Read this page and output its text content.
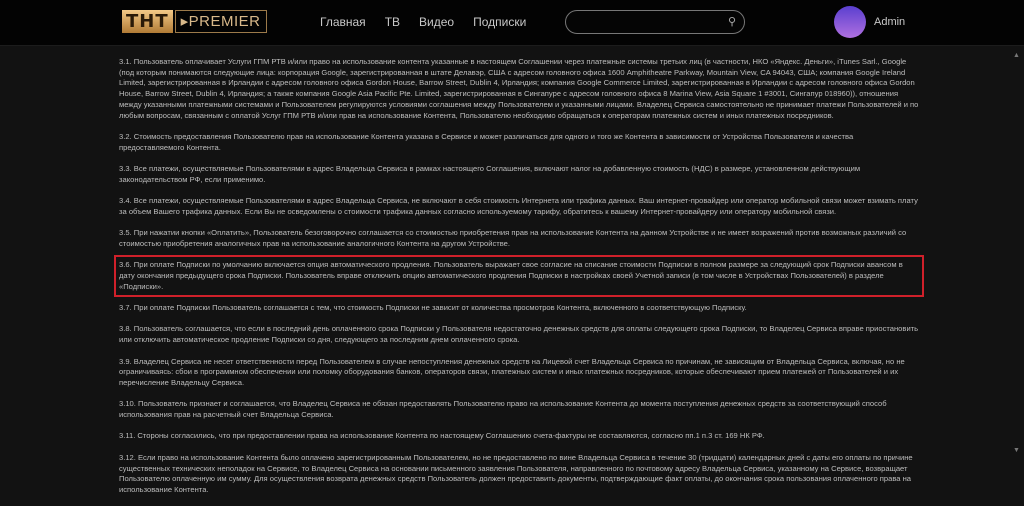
ТНТ ▸PREMIER	Главная ТВ Видео Подписки	⚲	Admin

3.1. Пользователь оплачивает Услуги ГПМ РТВ и/или право на использование контента указанные в настоящем Соглашении через платежные системы третьих лиц (в частности, НКО «Яндекс. Деньги», iTunes Sarl., Google (под которым понимаются следующие лица: корпорация Google, зарегистрированная в штате Делавэр, США с адресом головного офиса 1600 Amphitheatre Parkway, Mountain View, CA 94043, США; компания Google Ireland Limited, зарегистрированная в Ирландии с адресом головного офиса Gordon House, Barrow Street, Dublin 4, Ирландия; компания Google Commerce Limited, зарегистрированная в Ирландии с адресом головного офиса Gordon House, Barrow Street, Dublin 4, Ирландия; а также компания Google Asia Pacific Pte. Limited, зарегистрированная в Сингапуре с адресом головного офиса 8 Marina View, Asia Square 1 #3001, Сингапур 018960)), отношения между указанными платежными системами и Пользователем регулируются условиями соглашения между Пользователем и указанными лицами. Владелец Сервиса самостоятельно не принимает платежи Пользователей и по любым вопросам, связанным с оплатой Услуг ГПМ РТВ и/или прав на использование Контента, Пользователю необходимо обращаться к операторам платежных систем и иных платежных посредников.

3.2. Стоимость предоставления Пользователю прав на использование Контента указана в Сервисе и может различаться для одного и того же Контента в зависимости от Устройства Пользователя и качества предоставляемого Контента.

3.3. Все платежи, осуществляемые Пользователями в адрес Владельца Сервиса в рамках настоящего Соглашения, включают налог на добавленную стоимость (НДС) в размере, установленном действующим законодательством РФ, если применимо.

3.4. Все платежи, осуществляемые Пользователями в адрес Владельца Сервиса, не включают в себя стоимость Интернета или трафика данных. Ваш интернет-провайдер или оператор мобильной связи может взимать плату за объем Вашего трафика данных. Если Вы не осведомлены о стоимости трафика данных согласно используемому тарифу, обратитесь к вашему Интернет-провайдеру или оператору мобильной связи.

3.5. При нажатии кнопки «Оплатить», Пользователь безоговорочно соглашается со стоимостью приобретения прав на использование Контента на данном Устройстве и не имеет возражений против возможных различий со стоимостью приобретения аналогичных прав на использование аналогичного Контента на другом Устройстве.

3.6. При оплате Подписки по умолчанию включается опция автоматического продления. Пользователь выражает свое согласие на списание стоимости Подписки в полном размере за следующий срок Подписки авансом в дату окончания предыдущего срока Подписки. Пользователь вправе отключить опцию автоматического продления Подписки в настройках своей Учетной записи (в том числе в Устройствах Пользователей) в разделе «Подписки».

3.7. При оплате Подписки Пользователь соглашается с тем, что стоимость Подписки не зависит от количества просмотров Контента, включенного в соответствующую Подписку.

3.8. Пользователь соглашается, что если в последний день оплаченного срока Подписки у Пользователя недостаточно денежных средств для оплаты следующего срока Подписки, то Владелец Сервиса вправе приостановить или отключить автоматическое продление Подписки со дня, следующего за последним днем оплаченного срока.

3.9. Владелец Сервиса не несет ответственности перед Пользователем в случае непоступления денежных средств на Лицевой счет Владельца Сервиса по причинам, не зависящим от Владельца Сервиса, включая, но не ограничиваясь: сбои в программном обеспечении или поломку оборудования банков, операторов связи, платежных систем и иных платежных посредников, которые обеспечивают прием платежей от Пользователей и их перечисление Владельцу Сервиса.

3.10. Пользователь признает и соглашается, что Владелец Сервиса не обязан предоставлять Пользователю право на использование Контента до момента поступления денежных средств за соответствующий способ использования прав на расчетный счет Владельца Сервиса.

3.11. Стороны согласились, что при предоставлении права на использование Контента по настоящему Соглашению счета-фактуры не составляются, согласно пп.1 п.3 ст. 169 НК РФ.

3.12. Если право на использование Контента было оплачено зарегистрированным Пользователем, но не предоставлено по вине Владельца Сервиса в течение 30 (тридцати) календарных дней с даты его оплаты по причине существенных технических неполадок на Сервисе, то Владелец Сервиса на основании письменного заявления Пользователя, направленного по почтовому адресу Владельца Сервиса, указанному на Сервисе, возвращает Пользователю оплаченную им сумму. Для осуществления возврата денежных средств Пользователь должен предоставить документы, подтверждающие факт оплаты, до окончания срока пользования оплаченного права на использование Контента.

▲
▼
